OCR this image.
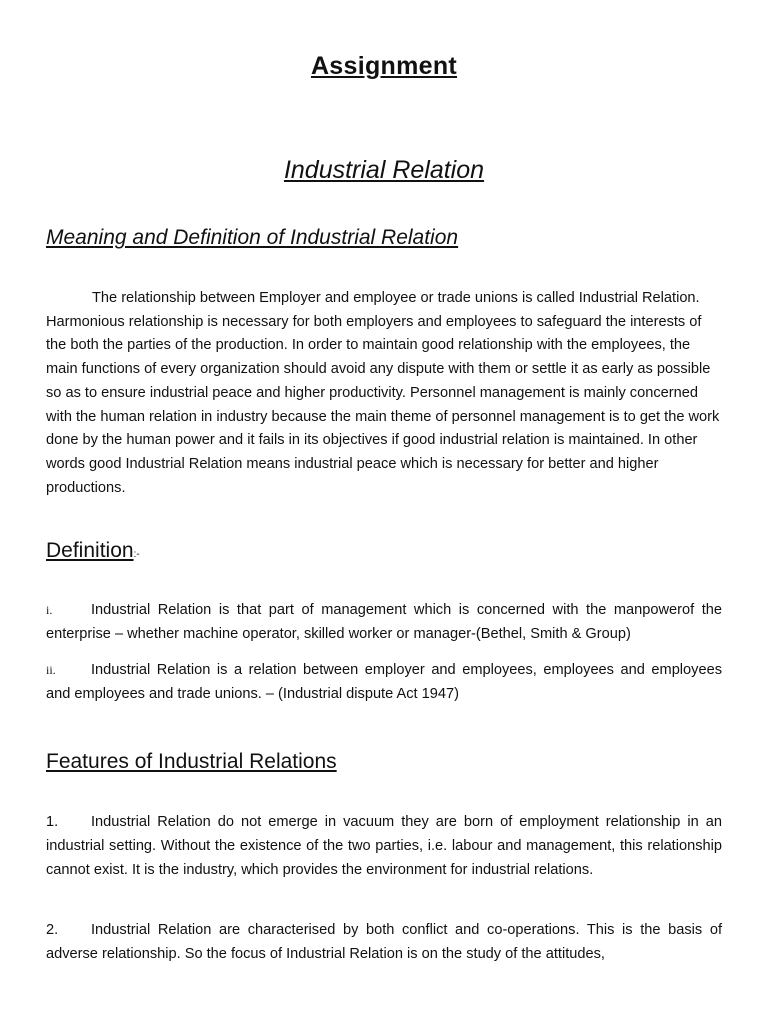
Assignment
Industrial Relation
Meaning and Definition of Industrial Relation
The relationship between Employer and employee or trade unions is called Industrial Relation. Harmonious relationship is necessary for both employers and employees to safeguard the interests of the both the parties of the production. In order to maintain good relationship with the employees, the main functions of every organization should avoid any dispute with them or settle it as early as possible so as to ensure industrial peace and higher productivity. Personnel management is mainly concerned with the human relation in industry because the main theme of personnel management is to get the work done by the human power and it fails in its objectives if good industrial relation is maintained. In other words good Industrial Relation means industrial peace which is necessary for better and higher productions.
Definition:-
i.	Industrial Relation is that part of management which is concerned with the manpowerof the enterprise – whether machine operator, skilled worker or manager-(Bethel, Smith & Group)
ii. Industrial Relation is a relation between employer and employees, employees and employees and employees and trade unions. – (Industrial dispute Act 1947)
Features of Industrial Relations
1. Industrial Relation do not emerge in vacuum they are born of employment relationship in an industrial setting. Without the existence of the two parties, i.e. labour and management, this relationship cannot exist. It is the industry, which provides the environment for industrial relations.
2. Industrial Relation are characterised by both conflict and co-operations. This is the basis of adverse relationship. So the focus of Industrial Relation is on the study of the attitudes,
